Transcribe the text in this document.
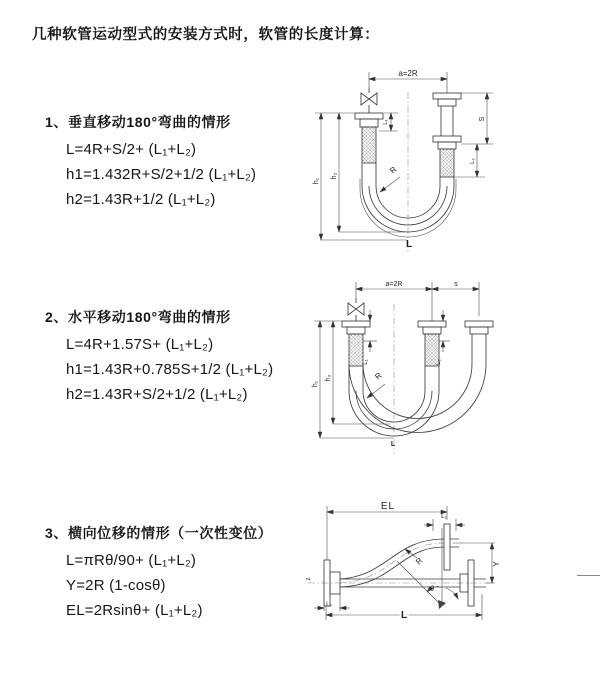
几种软管运动型式的安装方式时，软管的长度计算：
1、垂直移动180°弯曲的情形
L=4R+S/2+ (L₁+L₂)
h1=1.432R+S/2+1/2 (L₁+L₂)
h2=1.43R+1/2 (L₁+L₂)
2、水平移动180°弯曲的情形
L=4R+1.57S+ (L₁+L₂)
h1=1.43R+0.785S+1/2 (L₁+L₂)
h2=1.43R+S/2+1/2 (L₁+L₂)
3、横向位移的情形（一次性变位）
L=πRθ/90+ (L₁+L₂)
Y=2R (1-cosθ)
EL=2Rsinθ+ (L₁+L₂)
a=2R
h₁
h₂
L₁
S
L₂
R
L
a=2R	s
h₁
h₂
L₁	L₂
R
L
z
EL
L₁
Y
θ
R
L
L₂
